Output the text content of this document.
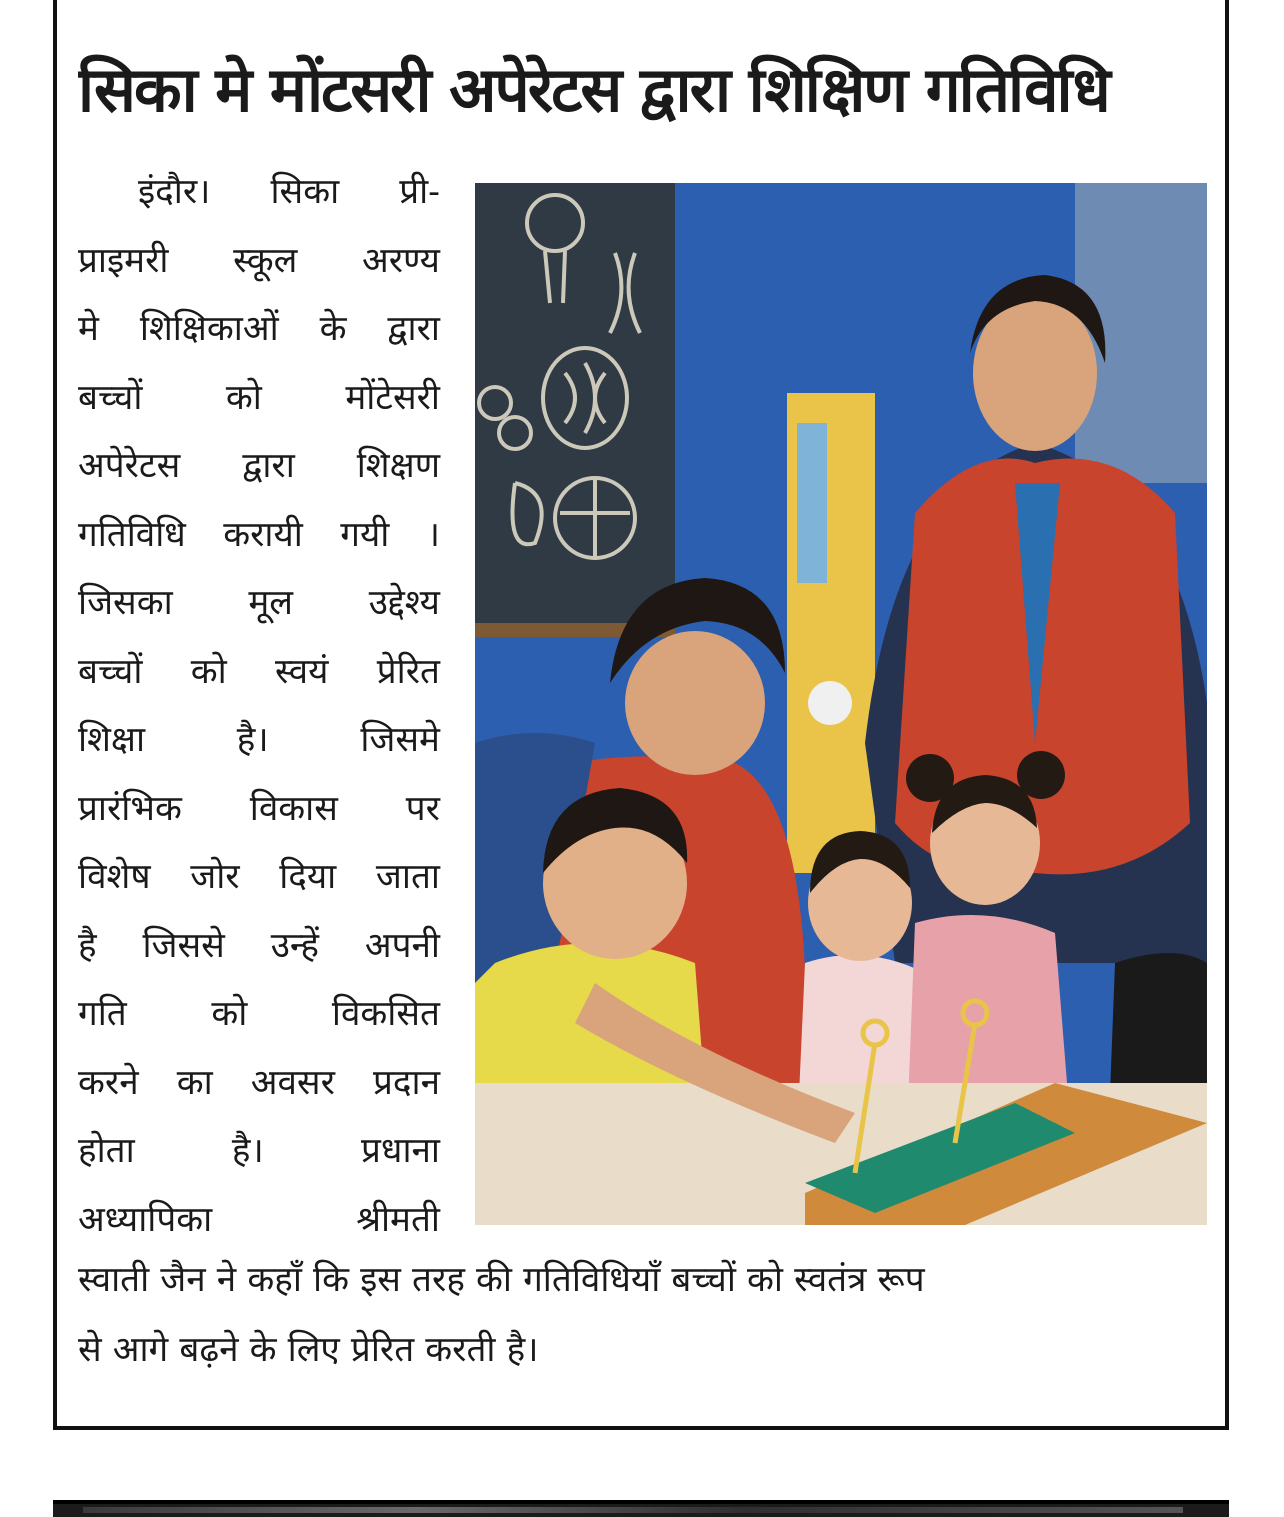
सिका मे मोंटसरी अपेरेटस द्वारा शिक्षिण गतिविधि
इंदौर। सिका प्री-
प्राइमरी स्कूल अरण्य
मे शिक्षिकाओं के द्वारा
बच्चों को मोंटेसरी
अपेरेटस द्वारा शिक्षण
गतिविधि करायी गयी ।
जिसका मूल उद्देश्य
बच्चों को स्वयं प्रेरित
शिक्षा	है।	जिसमे
प्रारंभिक विकास पर
विशेष जोर दिया जाता
है जिससे उन्हें अपनी
गति को विकसित
करने का अवसर प्रदान
होता	है।	प्रधाना
अध्यापिका	श्रीमती
स्वाती जैन ने कहाँ कि इस तरह की गतिविधियाँ बच्चों को स्वतंत्र रूप
से आगे बढ़ने के लिए प्रेरित करती है।
